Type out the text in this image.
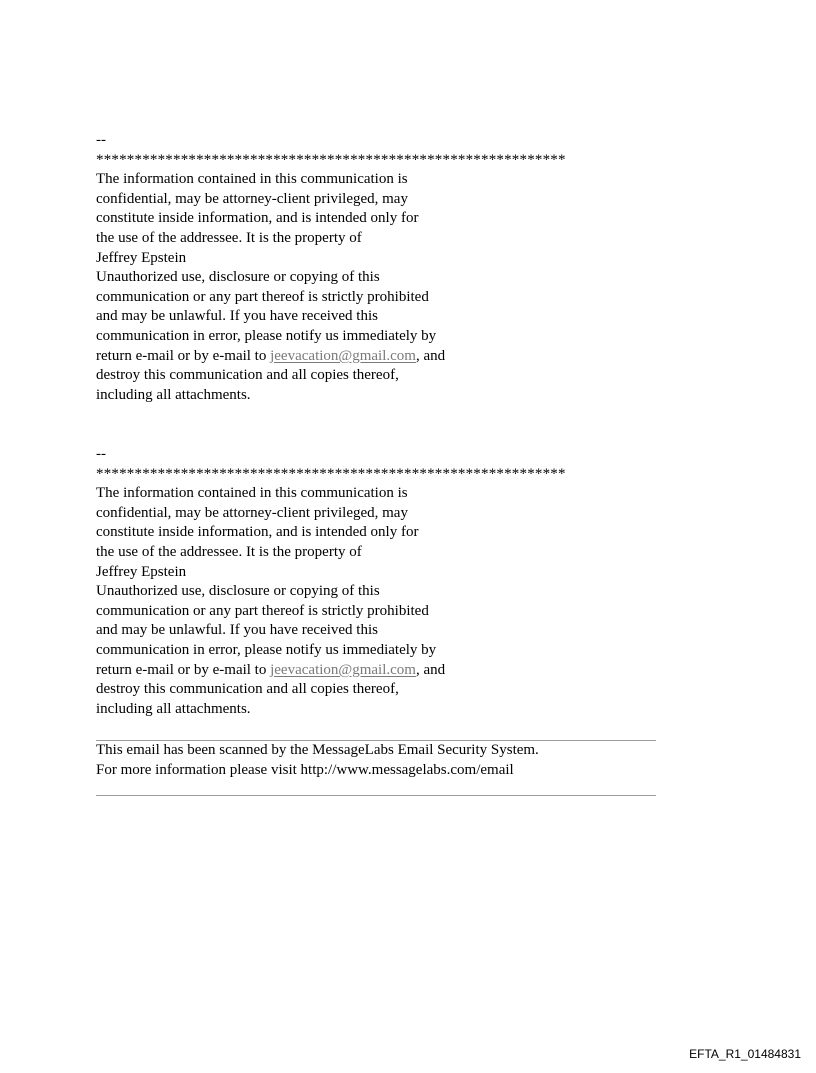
--
*************************************************************
The information contained in this communication is
confidential, may be attorney-client privileged, may
constitute inside information, and is intended only for
the use of the addressee. It is the property of
Jeffrey Epstein
Unauthorized use, disclosure or copying of this
communication or any part thereof is strictly prohibited
and may be unlawful. If you have received this
communication in error, please notify us immediately by
return e-mail or by e-mail to jeevacation@gmail.com, and
destroy this communication and all copies thereof,
including all attachments.
--
*************************************************************
The information contained in this communication is
confidential, may be attorney-client privileged, may
constitute inside information, and is intended only for
the use of the addressee. It is the property of
Jeffrey Epstein
Unauthorized use, disclosure or copying of this
communication or any part thereof is strictly prohibited
and may be unlawful. If you have received this
communication in error, please notify us immediately by
return e-mail or by e-mail to jeevacation@gmail.com, and
destroy this communication and all copies thereof,
including all attachments.
This email has been scanned by the MessageLabs Email Security System.
For more information please visit http://www.messagelabs.com/email
EFTA_R1_01484831
